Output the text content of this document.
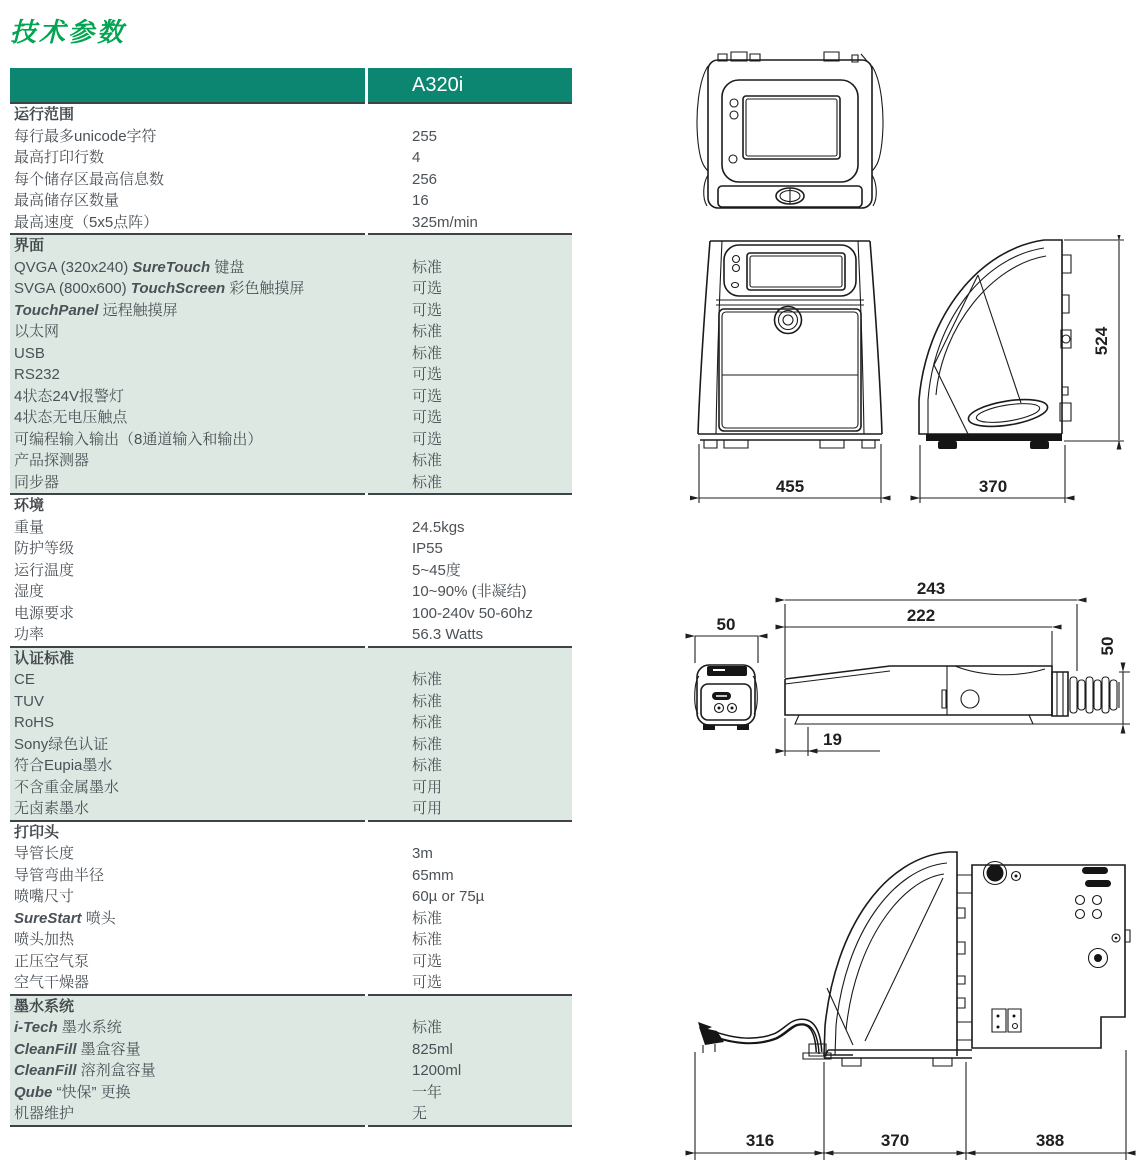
技术参数
A320i
运行范围
每行最多unicode字符	255
最高打印行数	4
每个储存区最高信息数	256
最高储存区数量	16
最高速度（5x5点阵）	325m/min
界面
QVGA (320x240) SureTouch 键盘	标准
SVGA (800x600) TouchScreen 彩色触摸屏	可选
TouchPanel 远程触摸屏	可选
以太网	标准
USB	标准
RS232	可选
4状态24V报警灯	可选
4状态无电压触点	可选
可编程输入输出（8通道输入和输出）	可选
产品探测器	标准
同步器	标准
环境
重量	24.5kgs
防护等级	IP55
运行温度	5~45度
湿度	10~90% (非凝结)
电源要求	100-240v 50-60hz
功率	56.3 Watts
认证标准
CE	标准
TUV	标准
RoHS	标准
Sony绿色认证	标准
符合Eupia墨水	标准
不含重金属墨水	可用
无卤素墨水	可用
打印头
导管长度	3m
导管弯曲半径	65mm
喷嘴尺寸	60µ or 75µ
SureStart 喷头	标准
喷头加热	标准
正压空气泵	可选
空气干燥器	可选
墨水系统
i-Tech 墨水系统	标准
CleanFill 墨盒容量	825ml
CleanFill 溶剂盒容量	1200ml
Qube “快保” 更换	一年
机器维护	无
455
524
370
50
243
222
50
19
316	370	388
